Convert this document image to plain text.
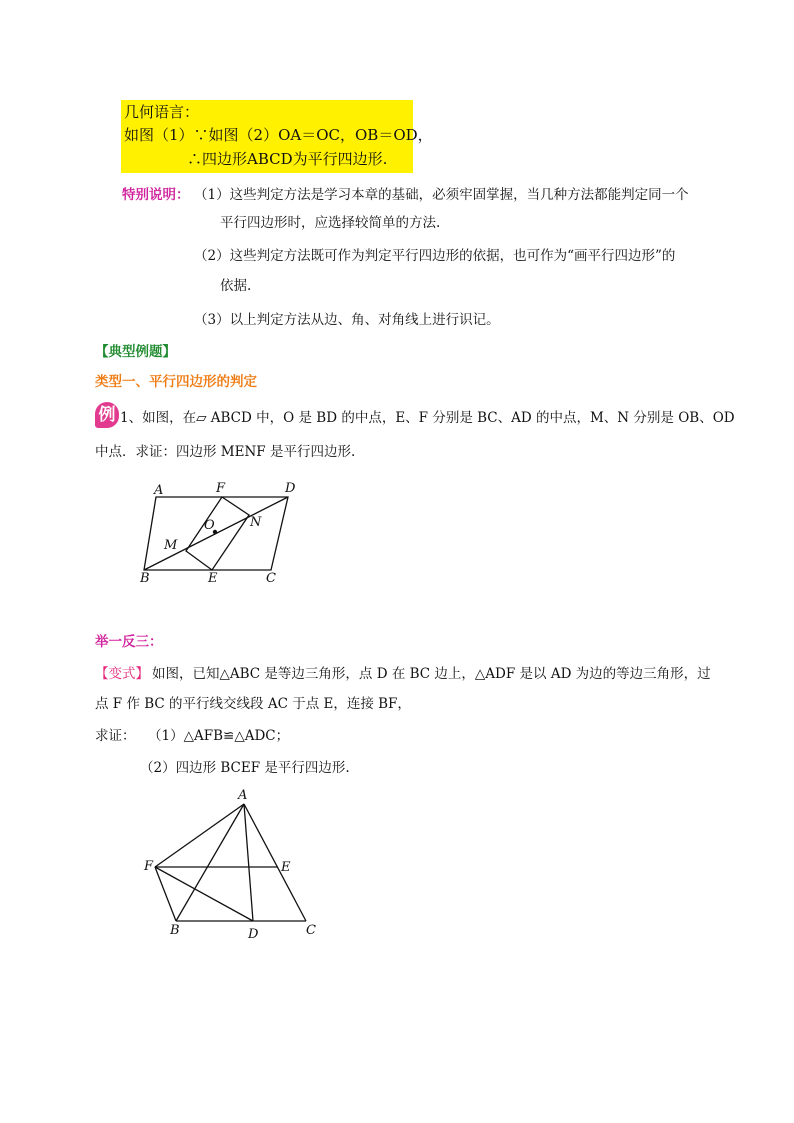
几何语言：
如图（1）∵如图（2）OA＝OC，OB＝OD，
∴四边形ABCD为平行四边形.
特别说明： （1）这些判定方法是学习本章的基础，必须牢固掌握，当几种方法都能判定同一个
平行四边形时，应选择较简单的方法.
（2）这些判定方法既可作为判定平行四边形的依据，也可作为“画平行四边形”的
依据.
（3）以上判定方法从边、角、对角线上进行识记。
【典型例题】
类型一、平行四边形的判定
例 1、如图，在▱ ABCD 中，O 是 BD 的中点，E、F 分别是 BC、AD 的中点，M、N 分别是 OB、OD
中点．求证：四边形 MENF 是平行四边形.
A	F	D
O	N
M
B	E	C
举一反三：
【变式】 如图，已知△ABC 是等边三角形，点 D 在 BC 边上，△ADF 是以 AD 为边的等边三角形，过
点 F 作 BC 的平行线交线段 AC 于点 E，连接 BF，
求证： （1）△AFB≌△ADC；
（2）四边形 BCEF 是平行四边形.
A
F	E
B	D	C
